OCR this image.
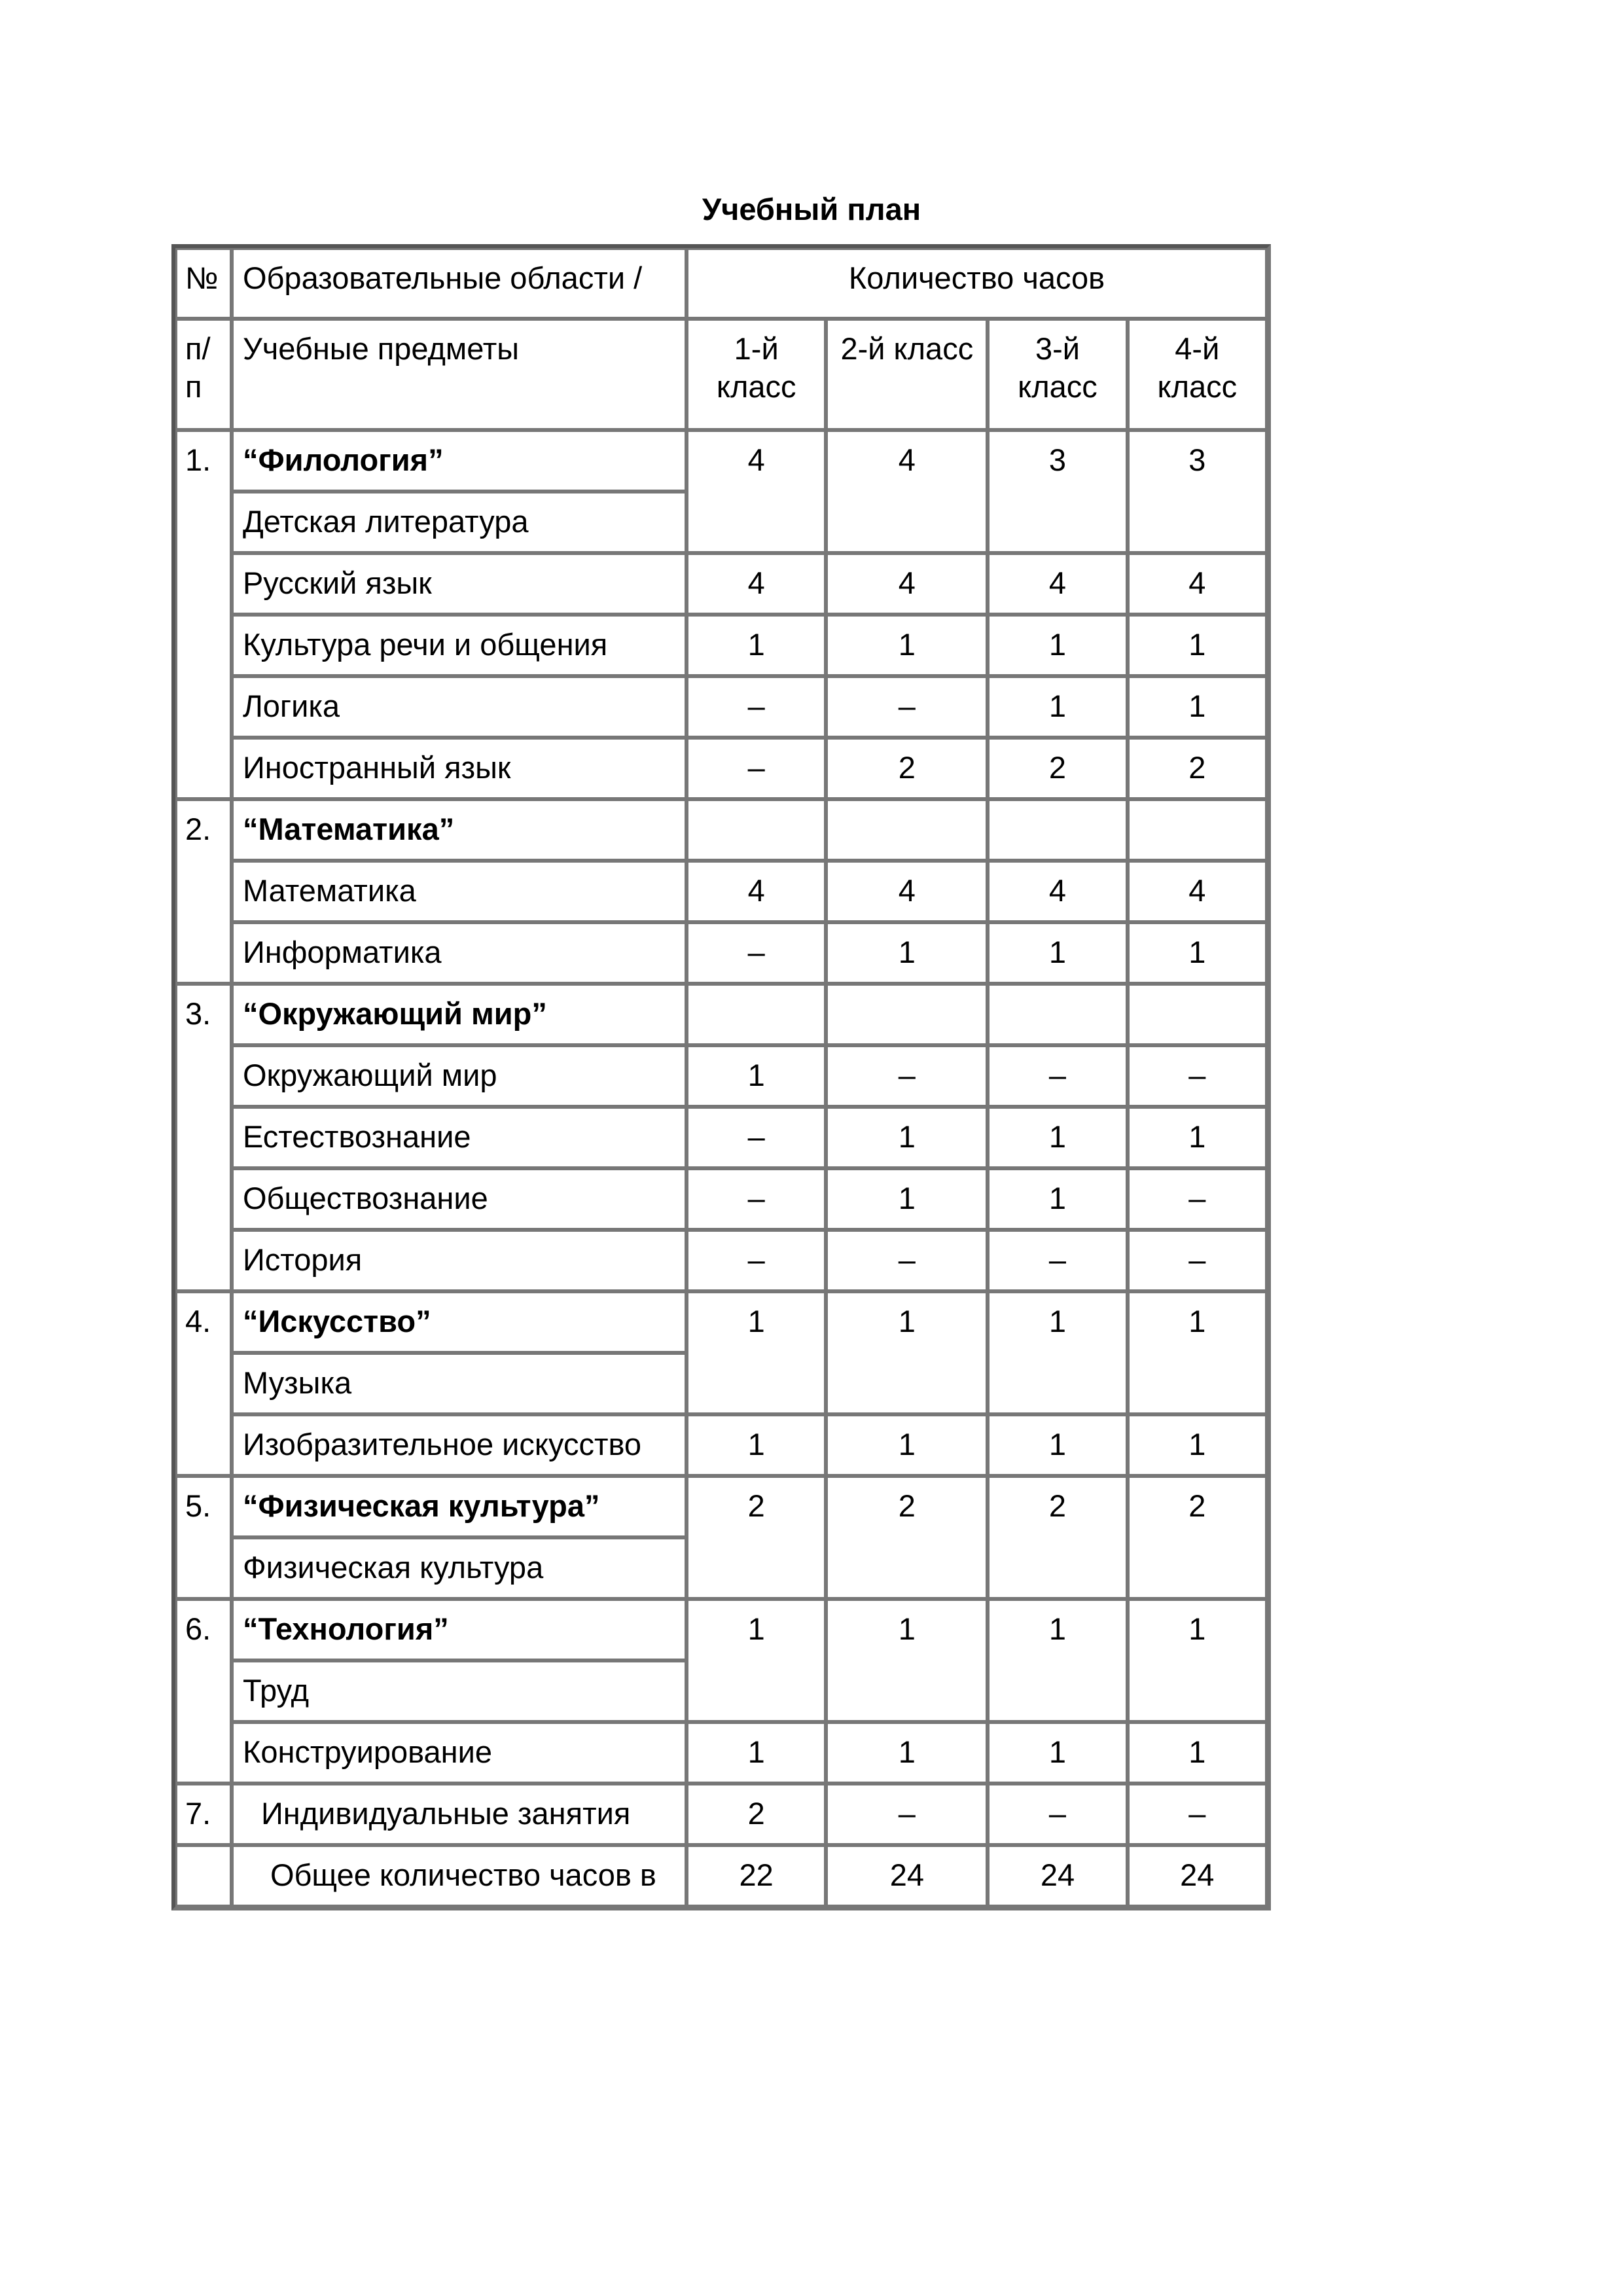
Учебный план
№	Образовательные области /	Количество часов			
п/ п	Учебные предметы	1-й класс	2-й класс	3-й класс	4-й класс
1.	“Филология”	4	4	3	3
	Детская литература				
	Русский язык	4	4	4	4
	Культура речи и общения	1	1	1	1
	Логика	–	–	1	1
	Иностранный язык	–	2	2	2
2.	“Математика”				
	Математика	4	4	4	4
	Информатика	–	1	1	1
3.	“Окружающий мир”				
	Окружающий мир	1	–	–	–
	Естествознание	–	1	1	1
	Обществознание	–	1	1	–
	История	–	–	–	–
4.	“Искусство”	1	1	1	1
	Музыка				
	Изобразительное искусство	1	1	1	1
5.	“Физическая культура”	2	2	2	2
	Физическая культура				
6.	“Технология”	1	1	1	1
	Труд				
	Конструирование	1	1	1	1
7.	Индивидуальные занятия	2	–	–	–
	Общее количество часов в	22	24	24	24
